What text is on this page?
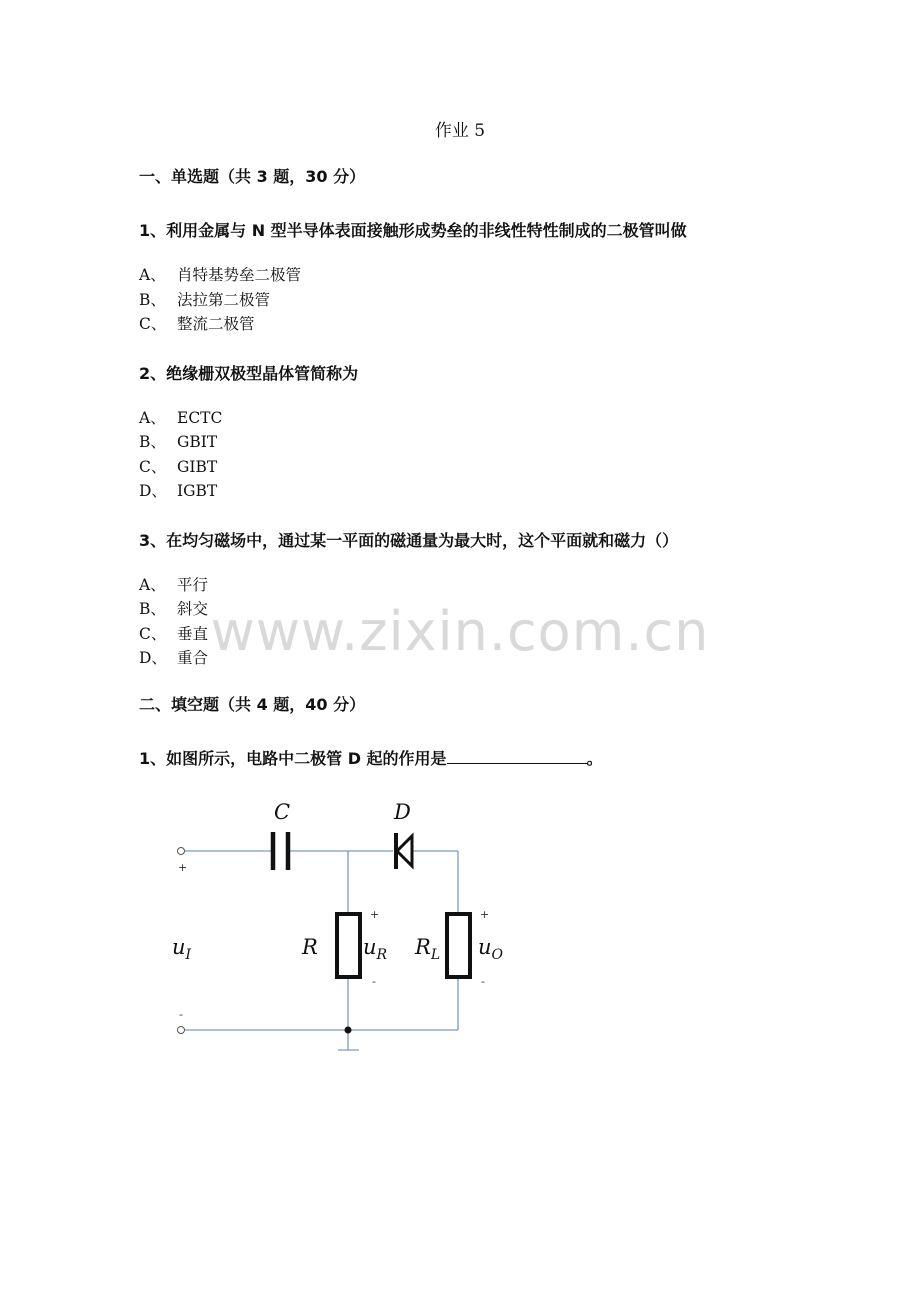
作业 5
一、单选题（共 3 题，30 分）
1、利用金属与 N 型半导体表面接触形成势垒的非线性特性制成的二极管叫做
A、 肖特基势垒二极管
B、 法拉第二极管
C、 整流二极管
2、绝缘栅双极型晶体管简称为
A、 ECTC
B、 GBIT
C、 GIBT
D、 IGBT
3、在均匀磁场中，通过某一平面的磁通量为最大时，这个平面就和磁力（）
A、 平行
B、 斜交
C、 垂直
D、 重合
二、填空题（共 4 题，40 分）
1、如图所示，电路中二极管 D 起的作用是	。
www.zixin.com.cn
C	D
R	$R_L$
$u_I$	$u_R$	$u_O$
+
-
+
-
+
-
